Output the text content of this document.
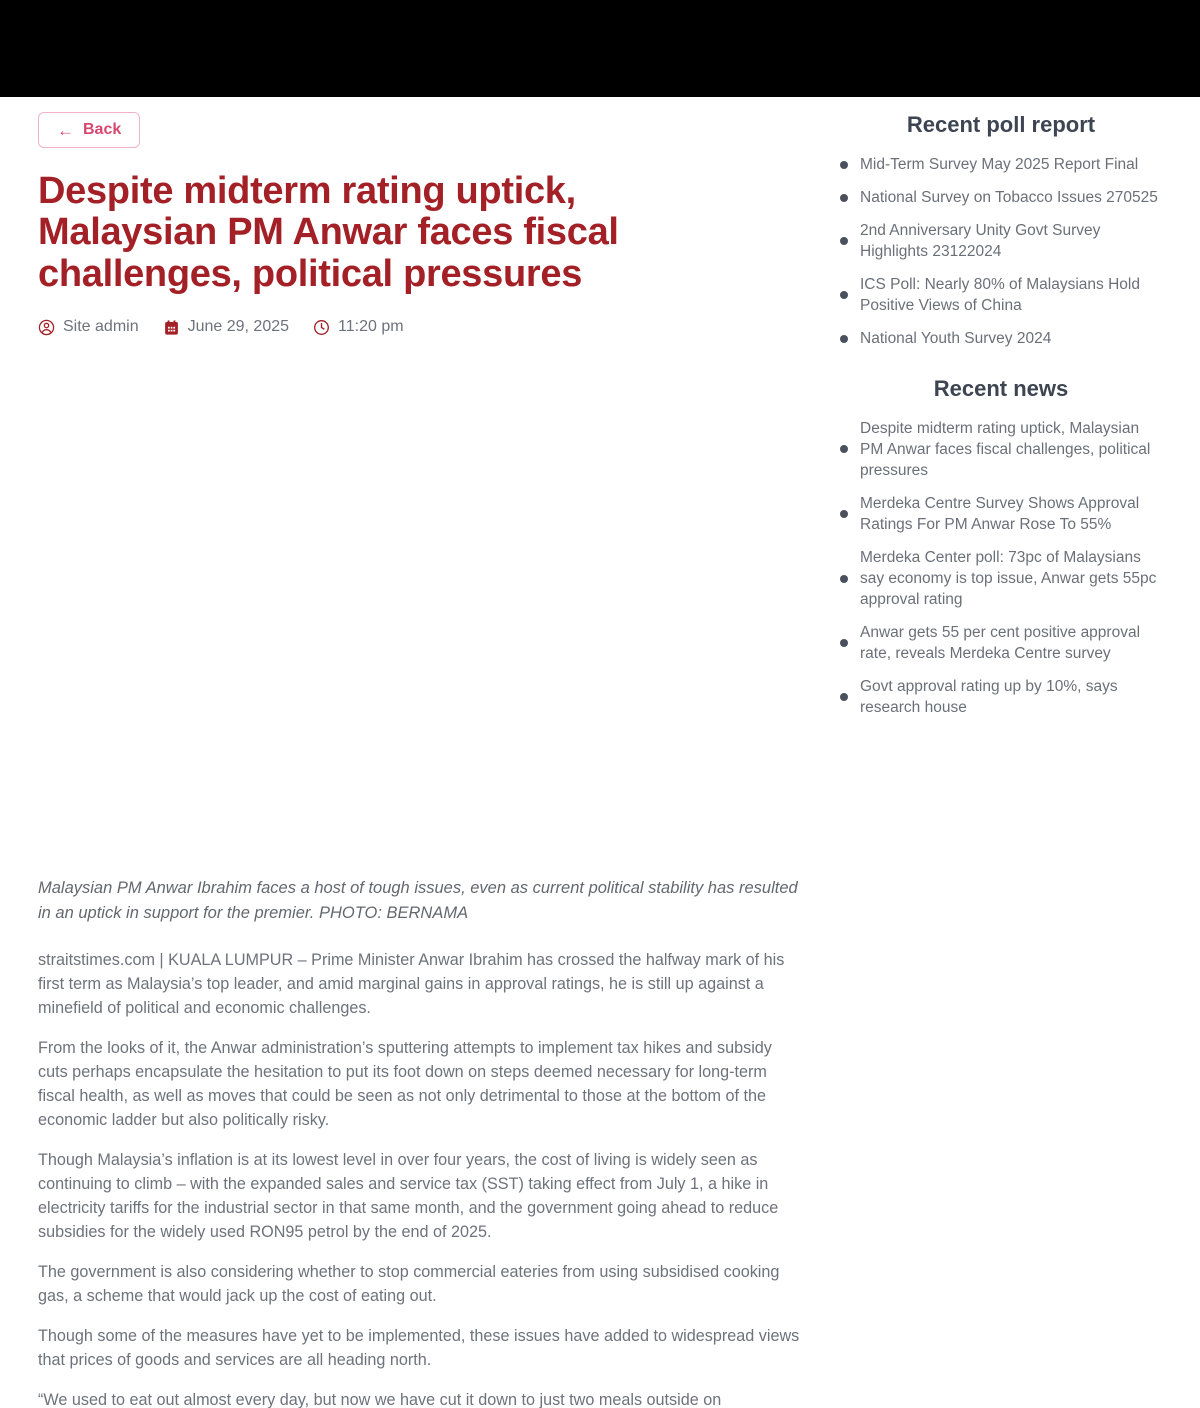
← Back
Despite midterm rating uptick, Malaysian PM Anwar faces fiscal challenges, political pressures
Site admin	June 29, 2025	11:20 pm

Malaysian PM Anwar Ibrahim faces a host of tough issues, even as current political stability has resulted in an uptick in support for the premier. PHOTO: BERNAMA

straitstimes.com | KUALA LUMPUR – Prime Minister Anwar Ibrahim has crossed the halfway mark of his first term as Malaysia’s top leader, and amid marginal gains in approval ratings, he is still up against a minefield of political and economic challenges.

From the looks of it, the Anwar administration’s sputtering attempts to implement tax hikes and subsidy cuts perhaps encapsulate the hesitation to put its foot down on steps deemed necessary for long-term fiscal health, as well as moves that could be seen as not only detrimental to those at the bottom of the economic ladder but also politically risky.

Though Malaysia’s inflation is at its lowest level in over four years, the cost of living is widely seen as continuing to climb – with the expanded sales and service tax (SST) taking effect from July 1, a hike in electricity tariffs for the industrial sector in that same month, and the government going ahead to reduce subsidies for the widely used RON95 petrol by the end of 2025.

The government is also considering whether to stop commercial eateries from using subsidised cooking gas, a scheme that would jack up the cost of eating out.

Though some of the measures have yet to be implemented, these issues have added to widespread views that prices of goods and services are all heading north.

“We used to eat out almost every day, but now we have cut it down to just two meals outside on

Recent poll report
Mid-Term Survey May 2025 Report Final
National Survey on Tobacco Issues 270525
2nd Anniversary Unity Govt Survey Highlights 23122024
ICS Poll: Nearly 80% of Malaysians Hold Positive Views of China
National Youth Survey 2024
Recent news
Despite midterm rating uptick, Malaysian PM Anwar faces fiscal challenges, political pressures
Merdeka Centre Survey Shows Approval Ratings For PM Anwar Rose To 55%
Merdeka Center poll: 73pc of Malaysians say economy is top issue, Anwar gets 55pc approval rating
Anwar gets 55 per cent positive approval rate, reveals Merdeka Centre survey
Govt approval rating up by 10%, says research house
